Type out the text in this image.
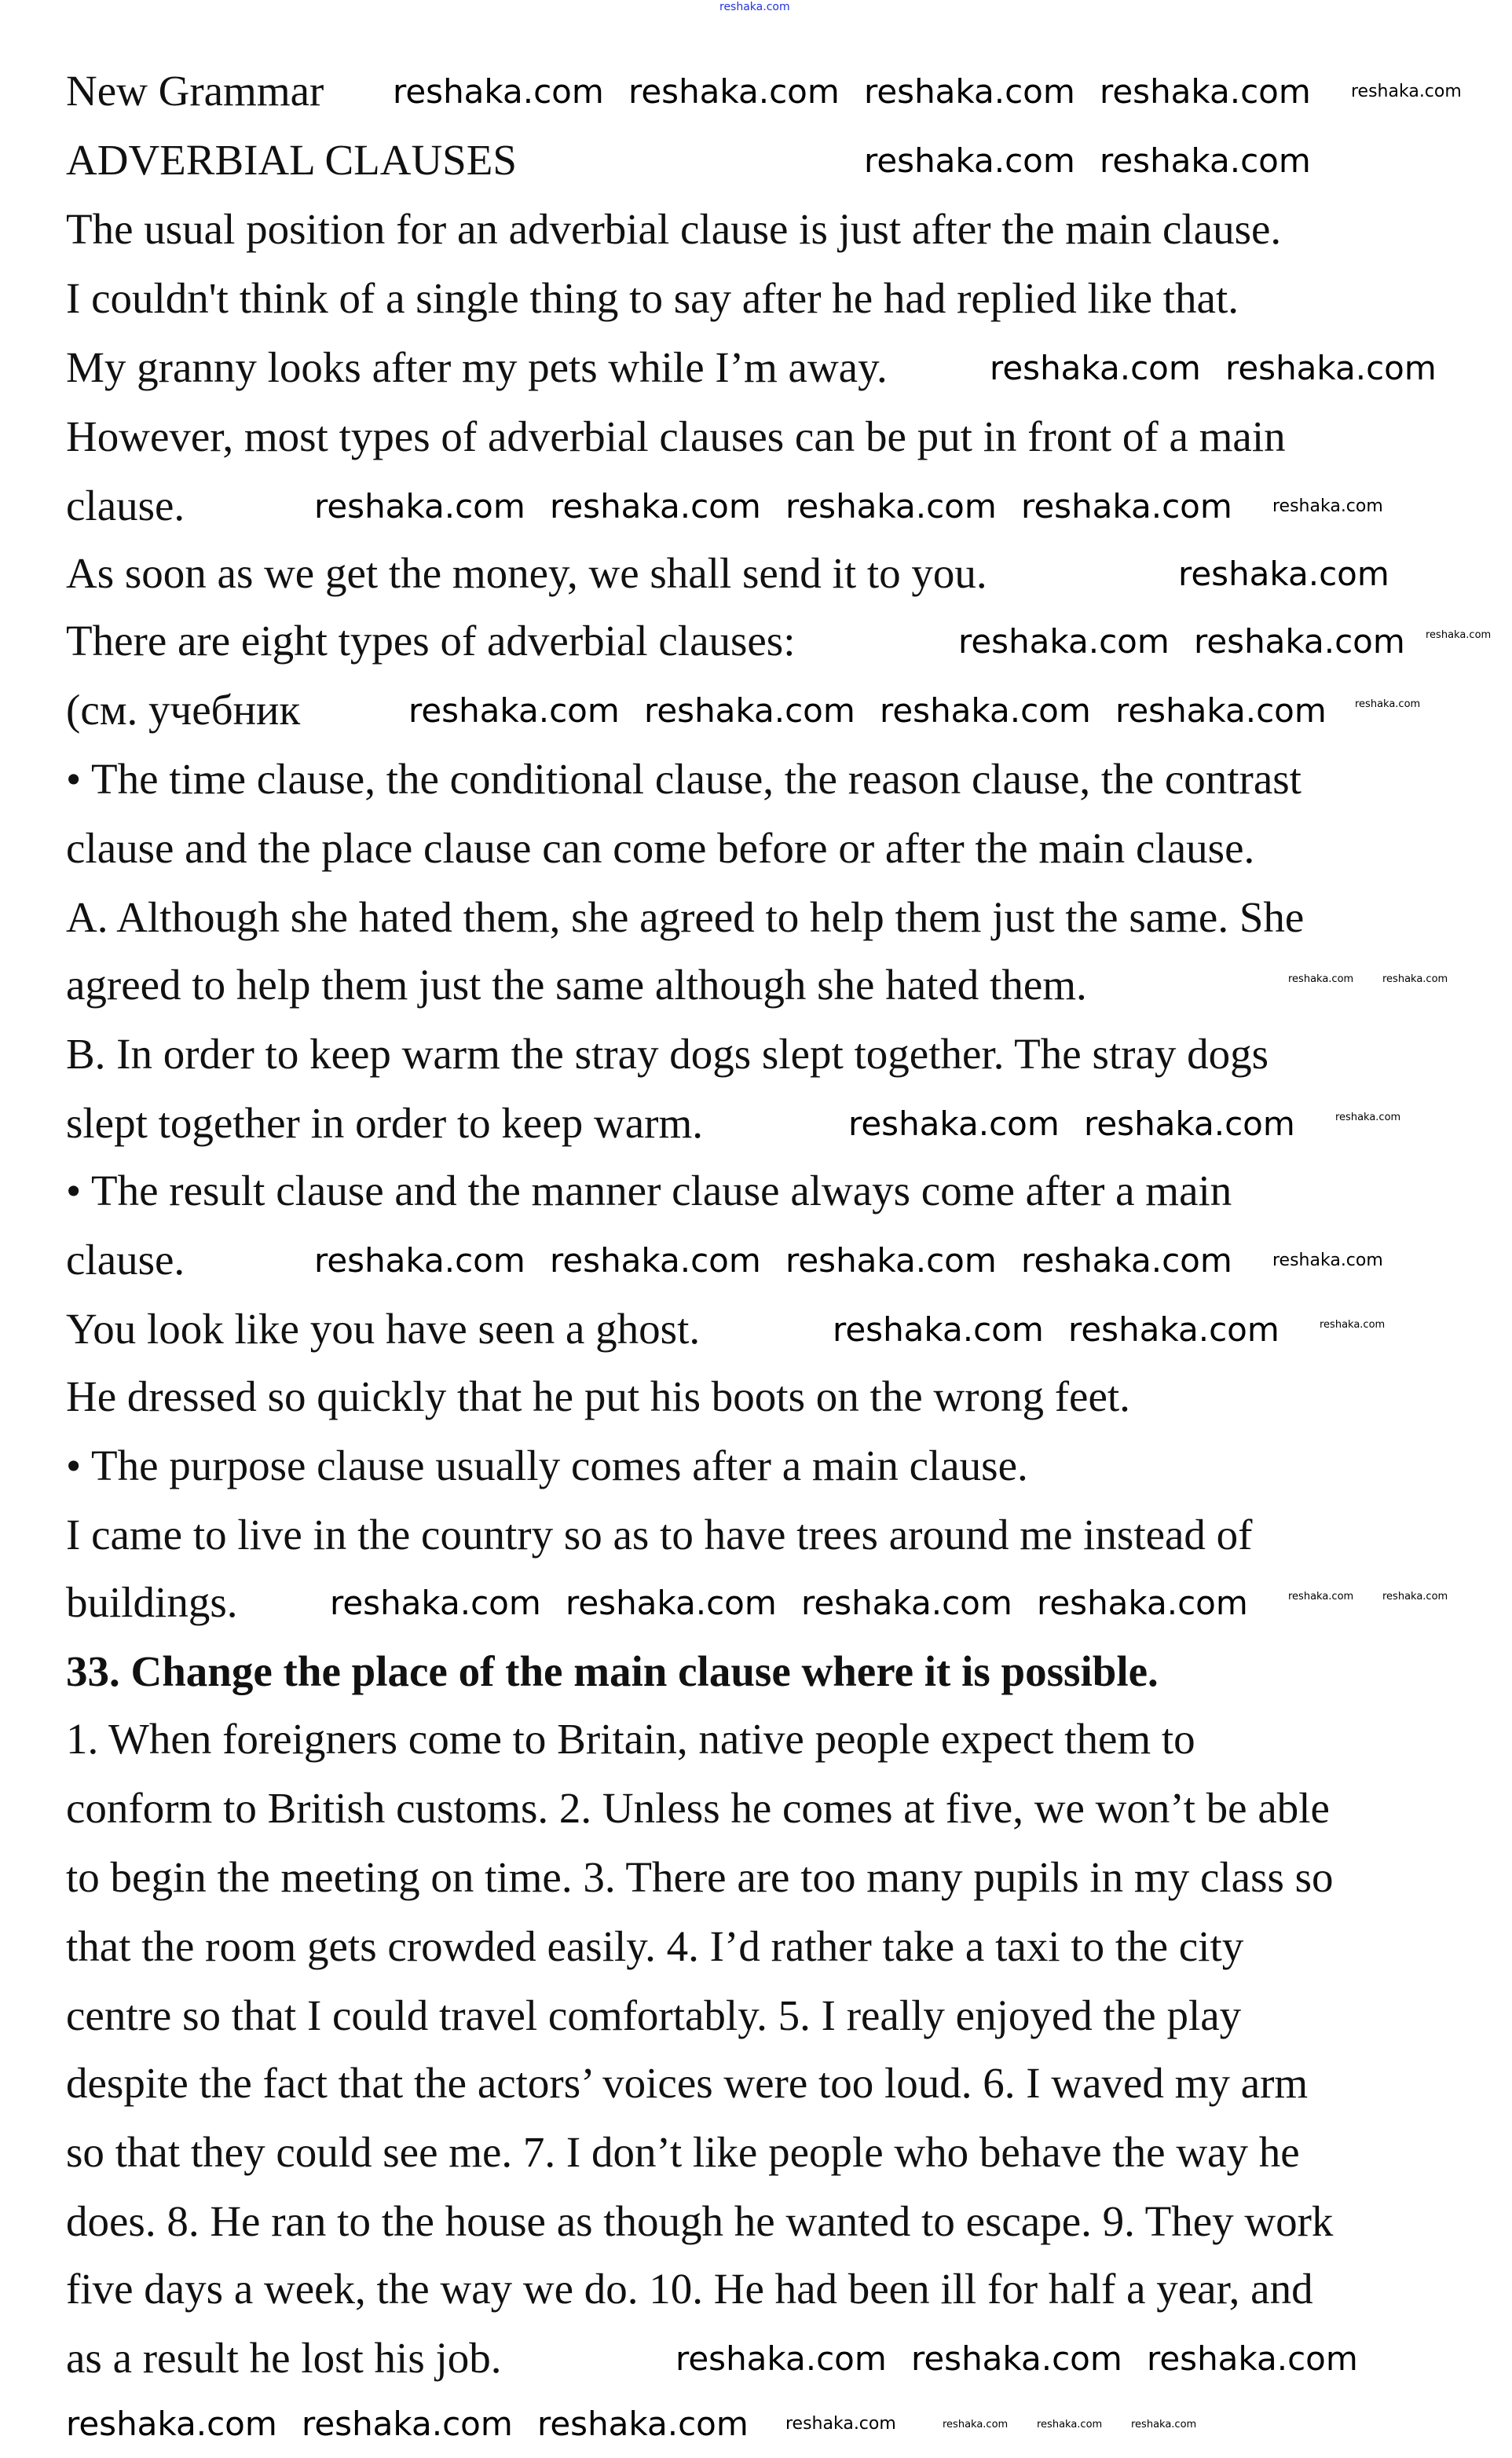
New Grammar
ADVERBIAL CLAUSES
The usual position for an adverbial clause is just after the main clause.
I couldn't think of a single thing to say after he had replied like that.
My granny looks after my pets while I’m away.
However, most types of adverbial clauses can be put in front of a main
clause.
As soon as we get the money, we shall send it to you.
There are eight types of adverbial clauses:
(см. учебник
• The time clause, the conditional clause, the reason clause, the contrast
clause and the place clause can come before or after the main clause.
A. Although she hated them, she agreed to help them just the same. She
agreed to help them just the same although she hated them.
B. In order to keep warm the stray dogs slept together. The stray dogs
slept together in order to keep warm.
• The result clause and the manner clause always come after a main
clause.
You look like you have seen a ghost.
He dressed so quickly that he put his boots on the wrong feet.
• The purpose clause usually comes after a main clause.
I came to live in the country so as to have trees around me instead of
buildings.
33. Change the place of the main clause where it is possible.
1. When foreigners come to Britain, native people expect them to
conform to British customs. 2. Unless he comes at five, we won’t be able
to begin the meeting on time. 3. There are too many pupils in my class so
that the room gets crowded easily. 4. I’d rather take a taxi to the city
centre so that I could travel comfortably. 5. I really enjoyed the play
despite the fact that the actors’ voices were too loud. 6. I waved my arm
so that they could see me. 7. I don’t like people who behave the way he
does. 8. He ran to the house as though he wanted to escape. 9. They work
five days a week, the way we do. 10. He had been ill for half a year, and
as a result he lost his job.
reshaka.com
reshaka.com reshaka.com reshaka.com reshaka.com reshaka.com
reshaka.com reshaka.com
reshaka.com reshaka.com
reshaka.com reshaka.com reshaka.com reshaka.com reshaka.com
reshaka.com
reshaka.com reshaka.com reshaka.com
reshaka.com reshaka.com reshaka.com reshaka.com	reshaka.com
reshaka.com	reshaka.com
reshaka.com reshaka.com	reshaka.com
reshaka.com reshaka.com reshaka.com reshaka.com reshaka.com
reshaka.com reshaka.com	reshaka.com
reshaka.com reshaka.com reshaka.com reshaka.com	reshaka.com	reshaka.com
reshaka.com reshaka.com reshaka.com
reshaka.com reshaka.com reshaka.com reshaka.com	reshaka.com	reshaka.com	reshaka.com
